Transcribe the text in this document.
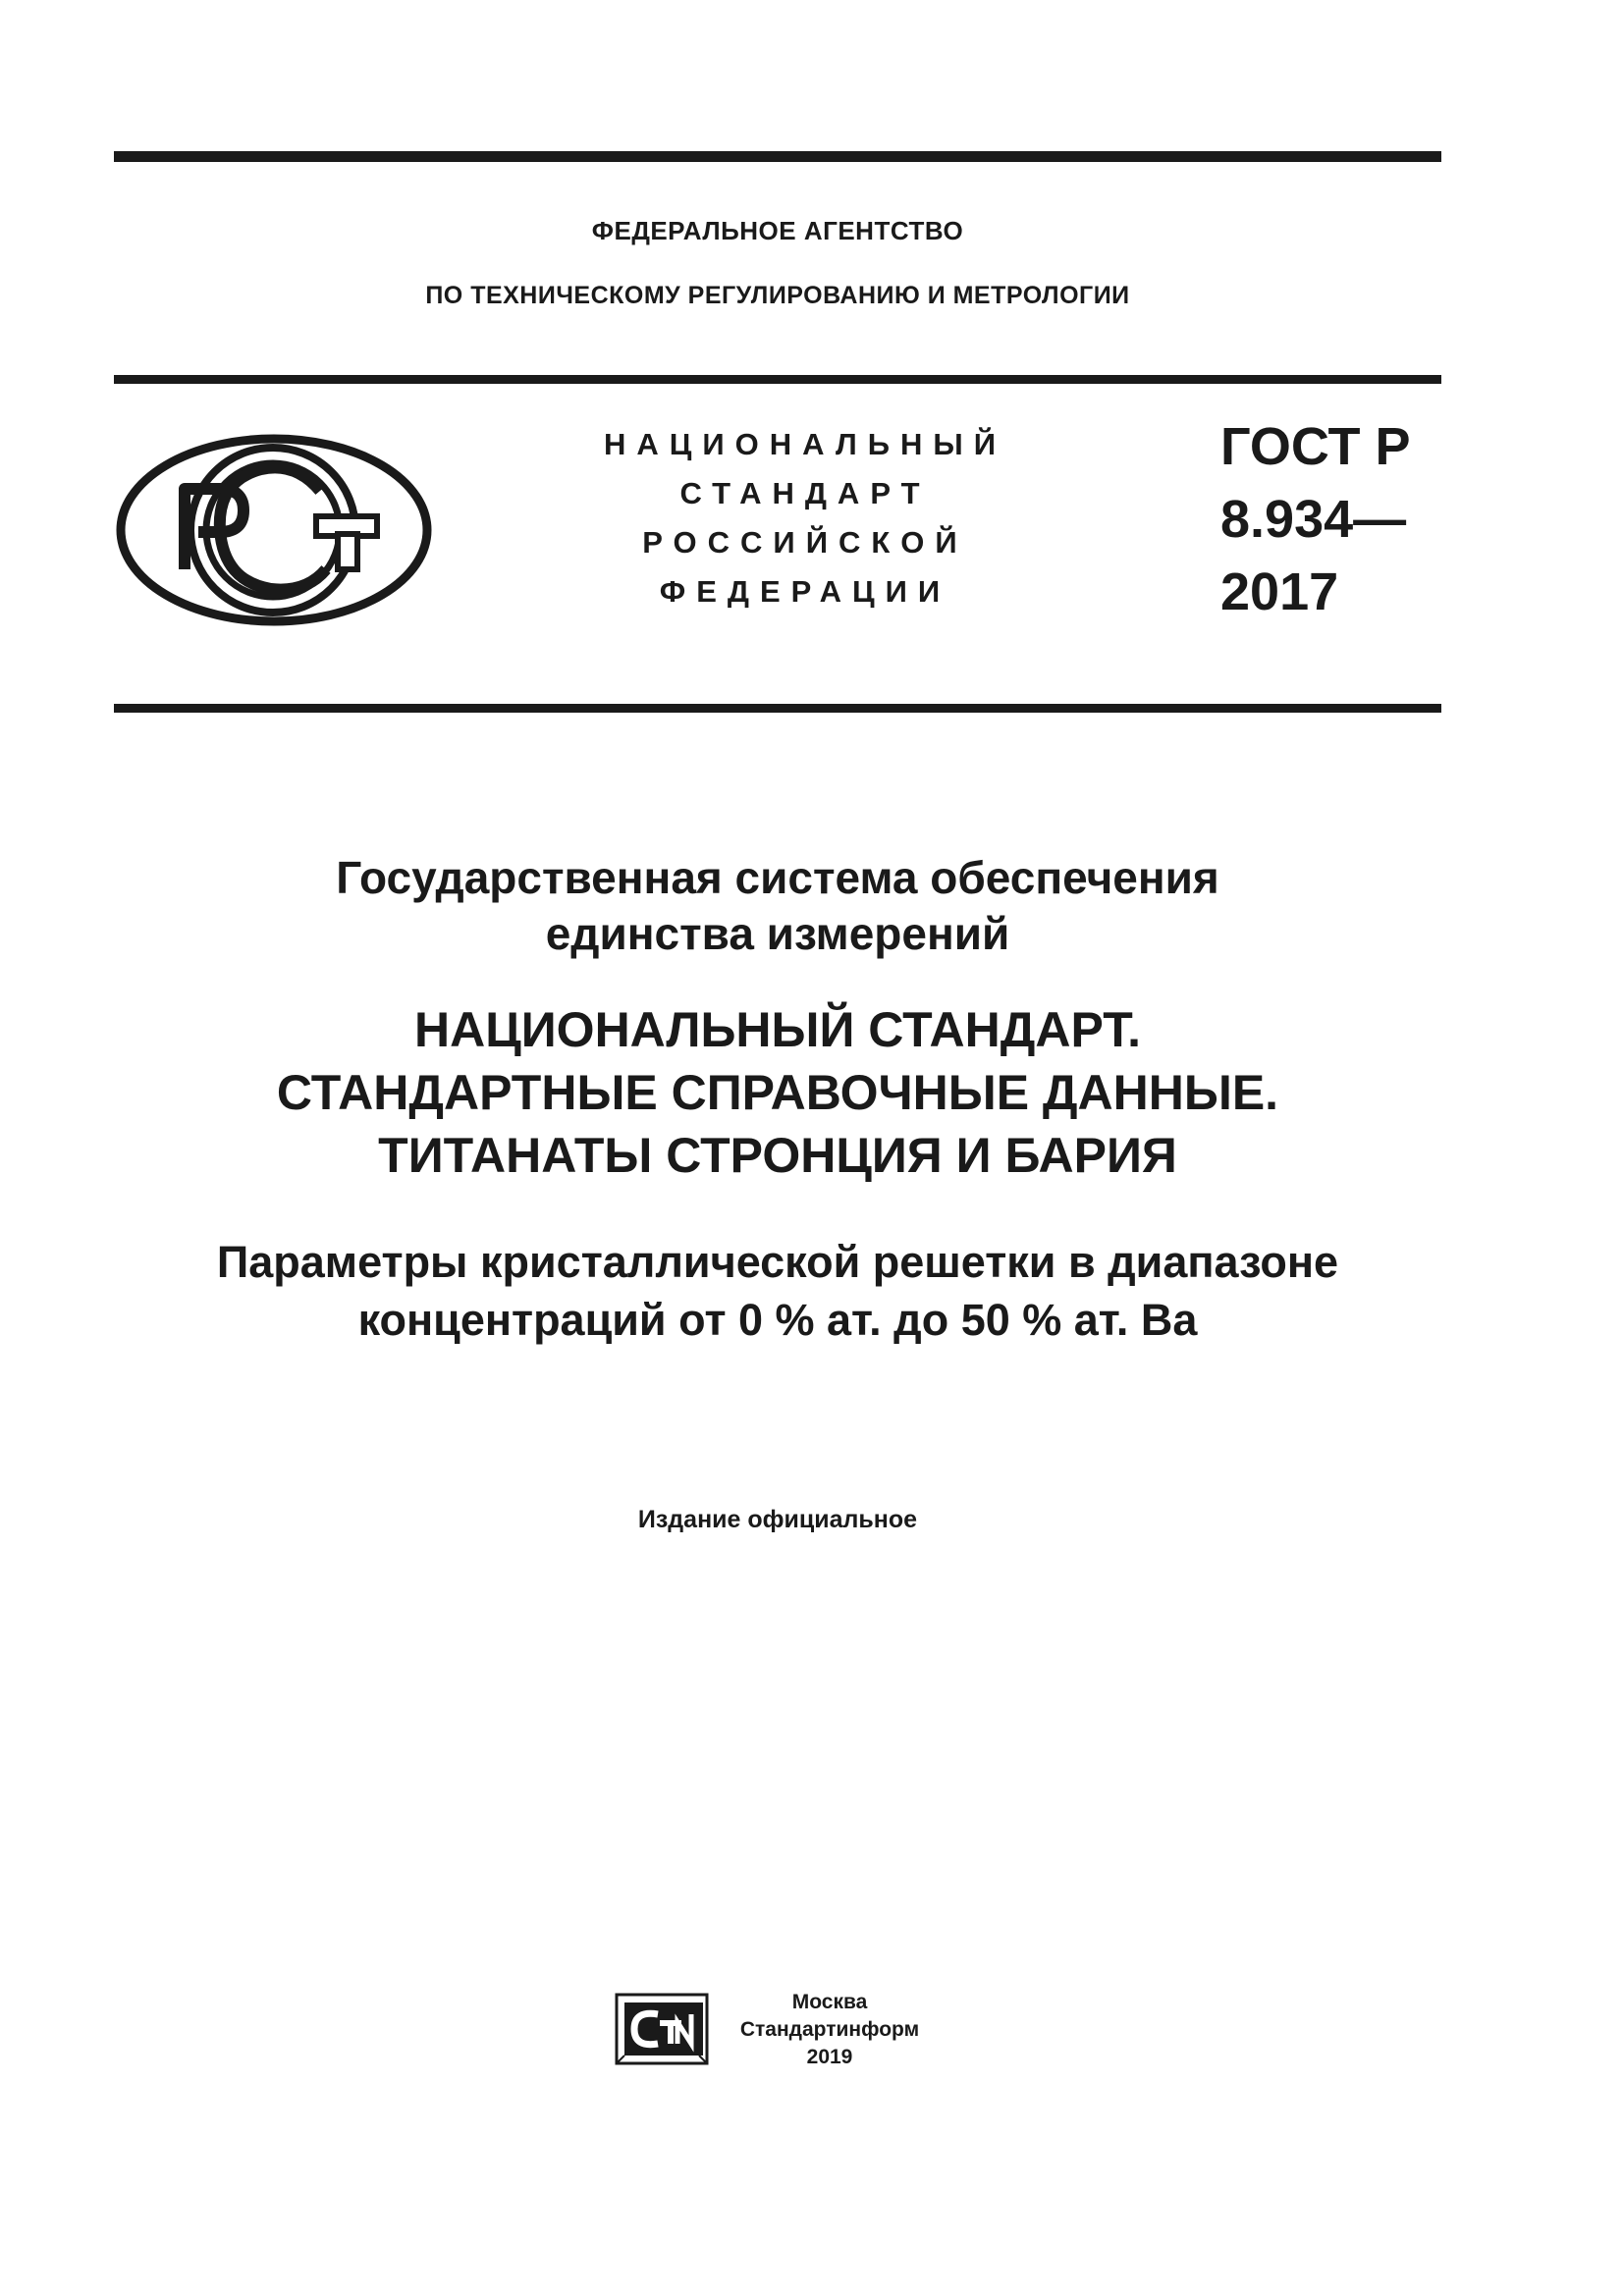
ФЕДЕРАЛЬНОЕ АГЕНТСТВО
ПО ТЕХНИЧЕСКОМУ РЕГУЛИРОВАНИЮ И МЕТРОЛОГИИ
НАЦИОНАЛЬНЫЙ
СТАНДАРТ
РОССИЙСКОЙ
ФЕДЕРАЦИИ
ГОСТ Р
8.934—
2017
Государственная система обеспечения
единства измерений
НАЦИОНАЛЬНЫЙ СТАНДАРТ.
СТАНДАРТНЫЕ СПРАВОЧНЫЕ ДАННЫЕ.
ТИТАНАТЫ СТРОНЦИЯ И БАРИЯ
Параметры кристаллической решетки в диапазоне
концентраций от 0 % ат. до 50 % ат. Ba
Издание официальное
Москва
Стандартинформ
2019
